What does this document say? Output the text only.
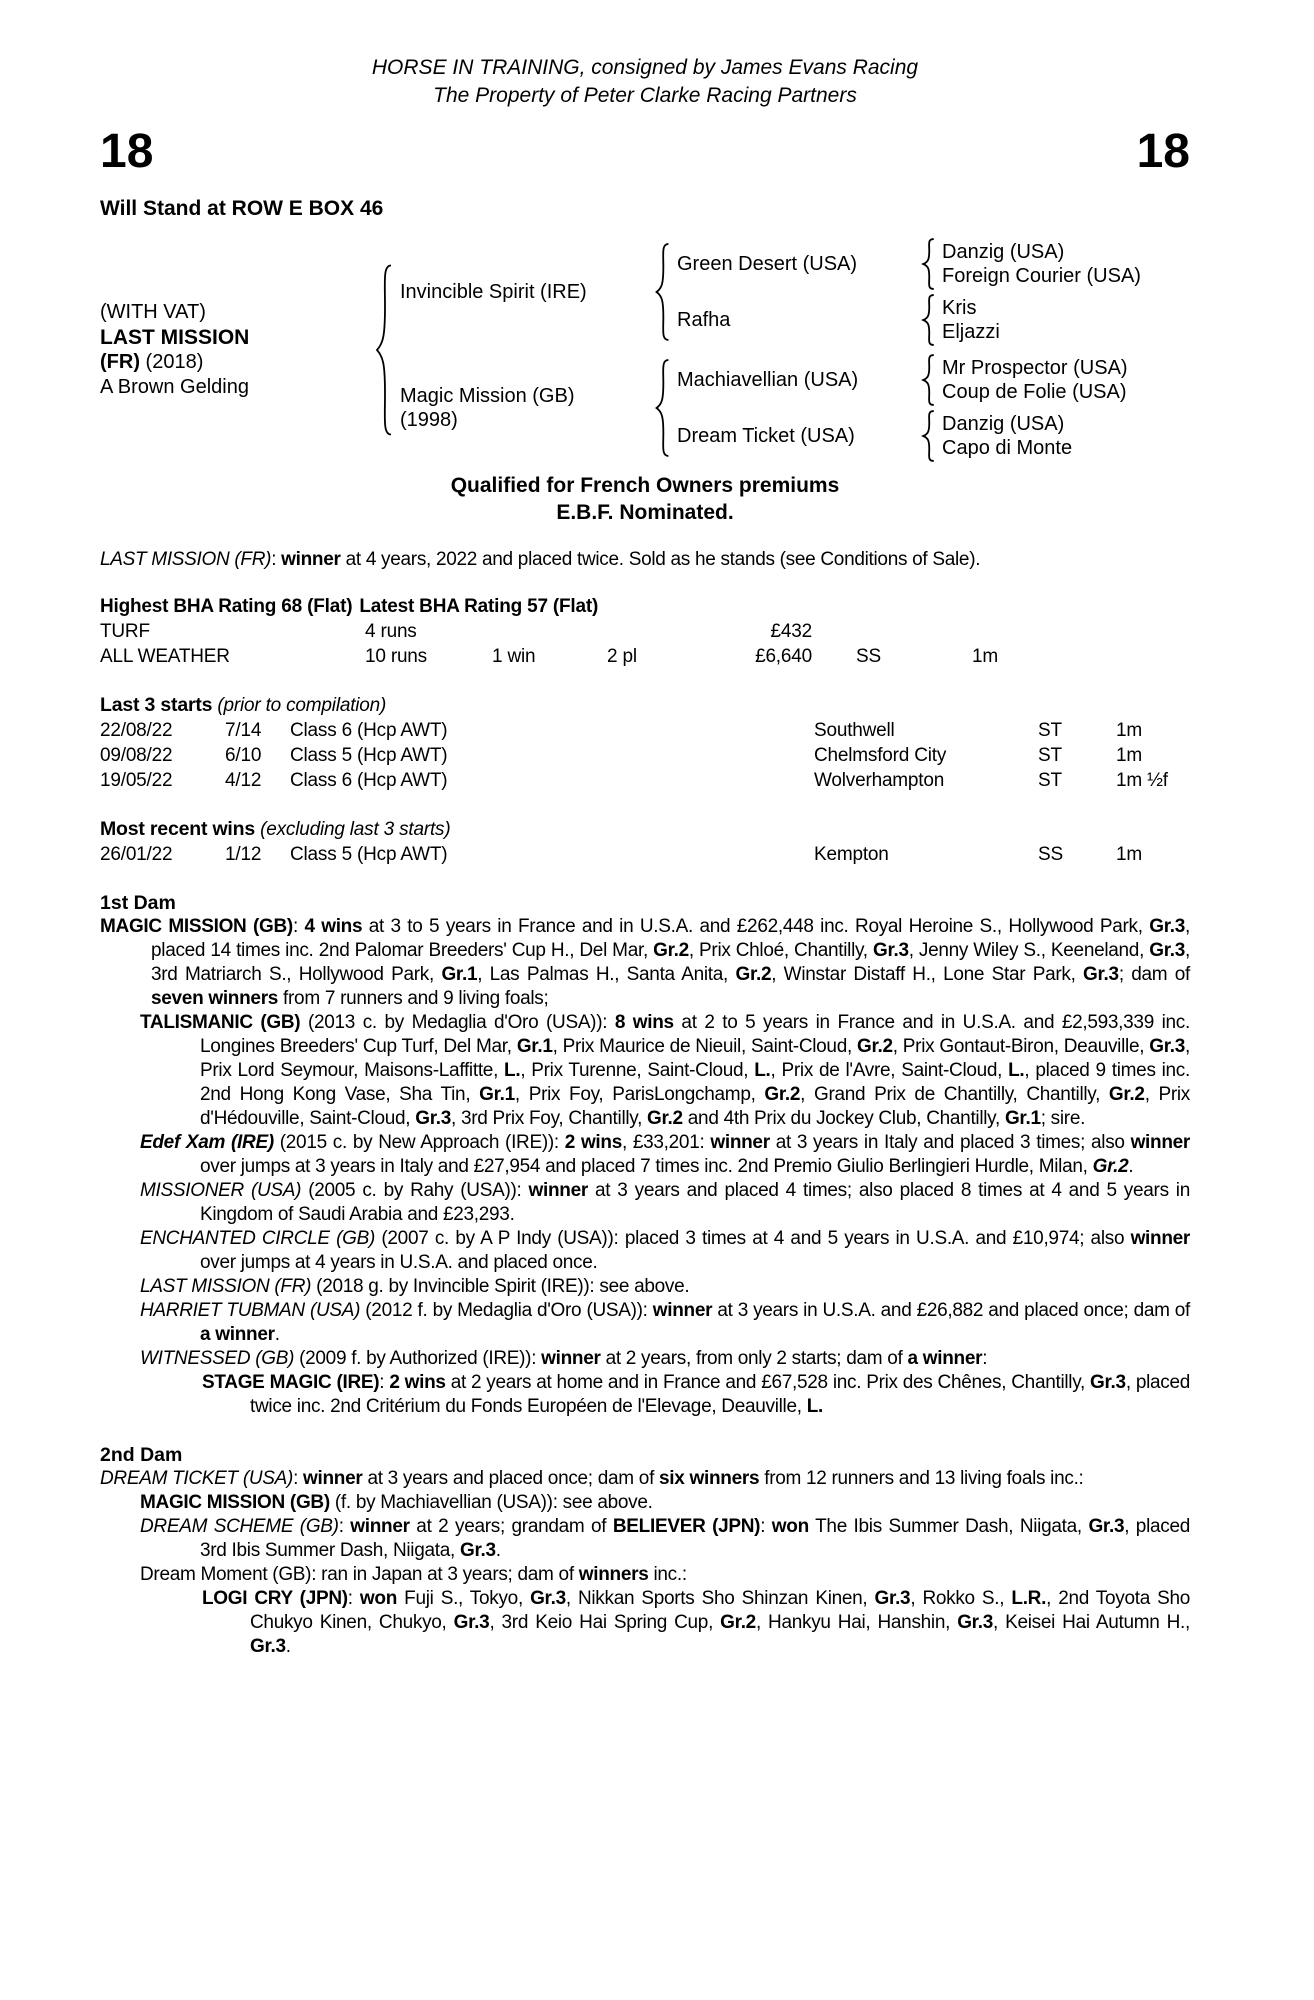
HORSE IN TRAINING, consigned by James Evans Racing
The Property of Peter Clarke Racing Partners
18	18
Will Stand at ROW E BOX 46
(WITH VAT)
LAST MISSION
(FR) (2018)
A Brown Gelding
Invincible Spirit (IRE)
Green Desert (USA)
Danzig (USA)
Foreign Courier (USA)
Rafha
Kris
Eljazzi
Magic Mission (GB)
(1998)
Machiavellian (USA)
Mr Prospector (USA)
Coup de Folie (USA)
Dream Ticket (USA)
Danzig (USA)
Capo di Monte
Qualified for French Owners premiums
E.B.F. Nominated.

LAST MISSION (FR): winner at 4 years, 2022 and placed twice. Sold as he stands (see Conditions of Sale).

Highest BHA Rating 68 (Flat) Latest BHA Rating 57 (Flat)
TURF	4 runs	£432
ALL WEATHER	10 runs	1 win	2 pl	£6,640	SS	1m
Last 3 starts (prior to compilation)
22/08/22	7/14	Class 6 (Hcp AWT)	Southwell	ST	1m
09/08/22	6/10	Class 5 (Hcp AWT)	Chelmsford City	ST	1m
19/05/22	4/12	Class 6 (Hcp AWT)	Wolverhampton	ST	1m ½f
Most recent wins (excluding last 3 starts)
26/01/22	1/12	Class 5 (Hcp AWT)	Kempton	SS	1m
1st Dam

MAGIC MISSION (GB): 4 wins at 3 to 5 years in France and in U.S.A. and £262,448 inc. Royal Heroine S., Hollywood Park, Gr.3, placed 14 times inc. 2nd Palomar Breeders' Cup H., Del Mar, Gr.2, Prix Chloé, Chantilly, Gr.3, Jenny Wiley S., Keeneland, Gr.3, 3rd Matriarch S., Hollywood Park, Gr.1, Las Palmas H., Santa Anita, Gr.2, Winstar Distaff H., Lone Star Park, Gr.3; dam of seven winners from 7 runners and 9 living foals;

TALISMANIC (GB) (2013 c. by Medaglia d'Oro (USA)): 8 wins at 2 to 5 years in France and in U.S.A. and £2,593,339 inc. Longines Breeders' Cup Turf, Del Mar, Gr.1, Prix Maurice de Nieuil, Saint-Cloud, Gr.2, Prix Gontaut-Biron, Deauville, Gr.3, Prix Lord Seymour, Maisons-Laffitte, L., Prix Turenne, Saint-Cloud, L., Prix de l'Avre, Saint-Cloud, L., placed 9 times inc. 2nd Hong Kong Vase, Sha Tin, Gr.1, Prix Foy, ParisLongchamp, Gr.2, Grand Prix de Chantilly, Chantilly, Gr.2, Prix d'Hédouville, Saint-Cloud, Gr.3, 3rd Prix Foy, Chantilly, Gr.2 and 4th Prix du Jockey Club, Chantilly, Gr.1; sire.

Edef Xam (IRE) (2015 c. by New Approach (IRE)): 2 wins, £33,201: winner at 3 years in Italy and placed 3 times; also winner over jumps at 3 years in Italy and £27,954 and placed 7 times inc. 2nd Premio Giulio Berlingieri Hurdle, Milan, Gr.2.

MISSIONER (USA) (2005 c. by Rahy (USA)): winner at 3 years and placed 4 times; also placed 8 times at 4 and 5 years in Kingdom of Saudi Arabia and £23,293.

ENCHANTED CIRCLE (GB) (2007 c. by A P Indy (USA)): placed 3 times at 4 and 5 years in U.S.A. and £10,974; also winner over jumps at 4 years in U.S.A. and placed once.

LAST MISSION (FR) (2018 g. by Invincible Spirit (IRE)): see above.

HARRIET TUBMAN (USA) (2012 f. by Medaglia d'Oro (USA)): winner at 3 years in U.S.A. and £26,882 and placed once; dam of a winner.

WITNESSED (GB) (2009 f. by Authorized (IRE)): winner at 2 years, from only 2 starts; dam of a winner:

STAGE MAGIC (IRE): 2 wins at 2 years at home and in France and £67,528 inc. Prix des Chênes, Chantilly, Gr.3, placed twice inc. 2nd Critérium du Fonds Européen de l'Elevage, Deauville, L.

2nd Dam

DREAM TICKET (USA): winner at 3 years and placed once; dam of six winners from 12 runners and 13 living foals inc.:

MAGIC MISSION (GB) (f. by Machiavellian (USA)): see above.

DREAM SCHEME (GB): winner at 2 years; grandam of BELIEVER (JPN): won The Ibis Summer Dash, Niigata, Gr.3, placed 3rd Ibis Summer Dash, Niigata, Gr.3.

Dream Moment (GB): ran in Japan at 3 years; dam of winners inc.:

LOGI CRY (JPN): won Fuji S., Tokyo, Gr.3, Nikkan Sports Sho Shinzan Kinen, Gr.3, Rokko S., L.R., 2nd Toyota Sho Chukyo Kinen, Chukyo, Gr.3, 3rd Keio Hai Spring Cup, Gr.2, Hankyu Hai, Hanshin, Gr.3, Keisei Hai Autumn H., Gr.3.
